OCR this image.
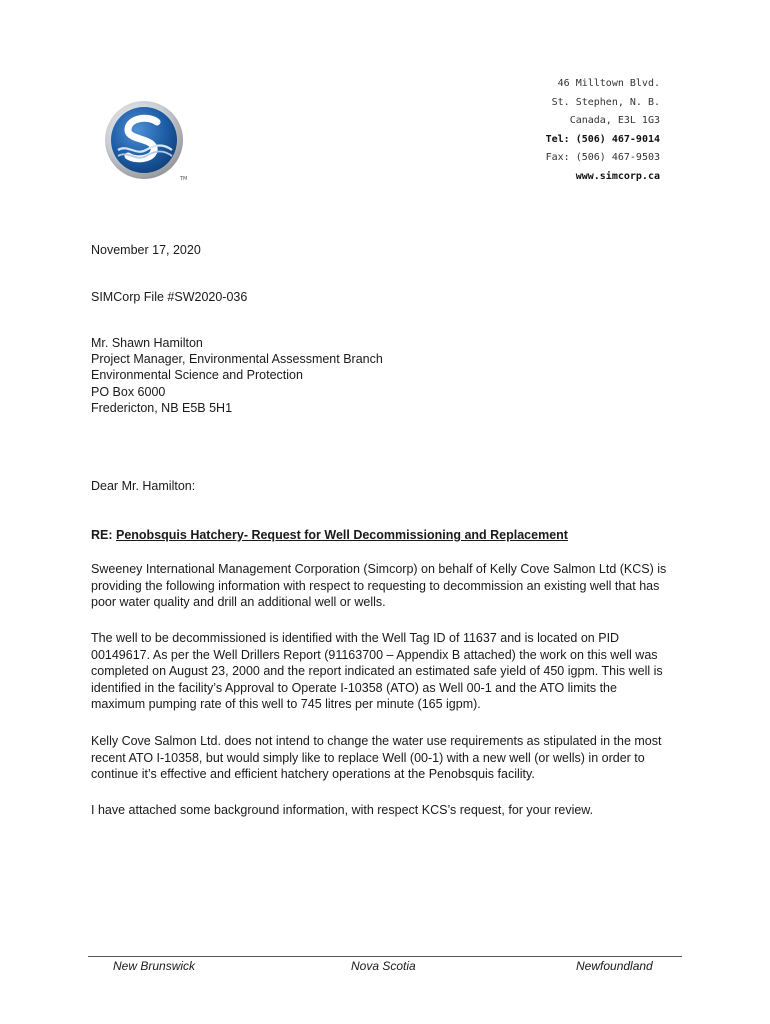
TM
46 Milltown Blvd.
St. Stephen, N. B.
Canada, E3L 1G3
Tel: (506) 467-9014
Fax: (506) 467-9503
www.simcorp.ca
November 17, 2020
SIMCorp File #SW2020-036
Mr. Shawn Hamilton
Project Manager, Environmental Assessment Branch
Environmental Science and Protection
PO Box 6000
Fredericton, NB E5B 5H1
Dear Mr. Hamilton:
RE: Penobsquis Hatchery- Request for Well Decommissioning and Replacement
Sweeney International Management Corporation (Simcorp) on behalf of Kelly Cove Salmon Ltd (KCS) is providing the following information with respect to requesting to decommission an existing well that has poor water quality and drill an additional well or wells.
The well to be decommissioned is identified with the Well Tag ID of 11637 and is located on PID 00149617. As per the Well Drillers Report (91163700 – Appendix B attached) the work on this well was completed on August 23, 2000 and the report indicated an estimated safe yield of 450 igpm. This well is identified in the facility’s Approval to Operate I-10358 (ATO) as Well 00-1 and the ATO limits the maximum pumping rate of this well to 745 litres per minute (165 igpm).
Kelly Cove Salmon Ltd. does not intend to change the water use requirements as stipulated in the most recent ATO I-10358, but would simply like to replace Well (00-1) with a new well (or wells) in order to continue it’s effective and efficient hatchery operations at the Penobsquis facility.
I have attached some background information, with respect KCS’s request, for your review.
New Brunswick	Nova Scotia	Newfoundland
